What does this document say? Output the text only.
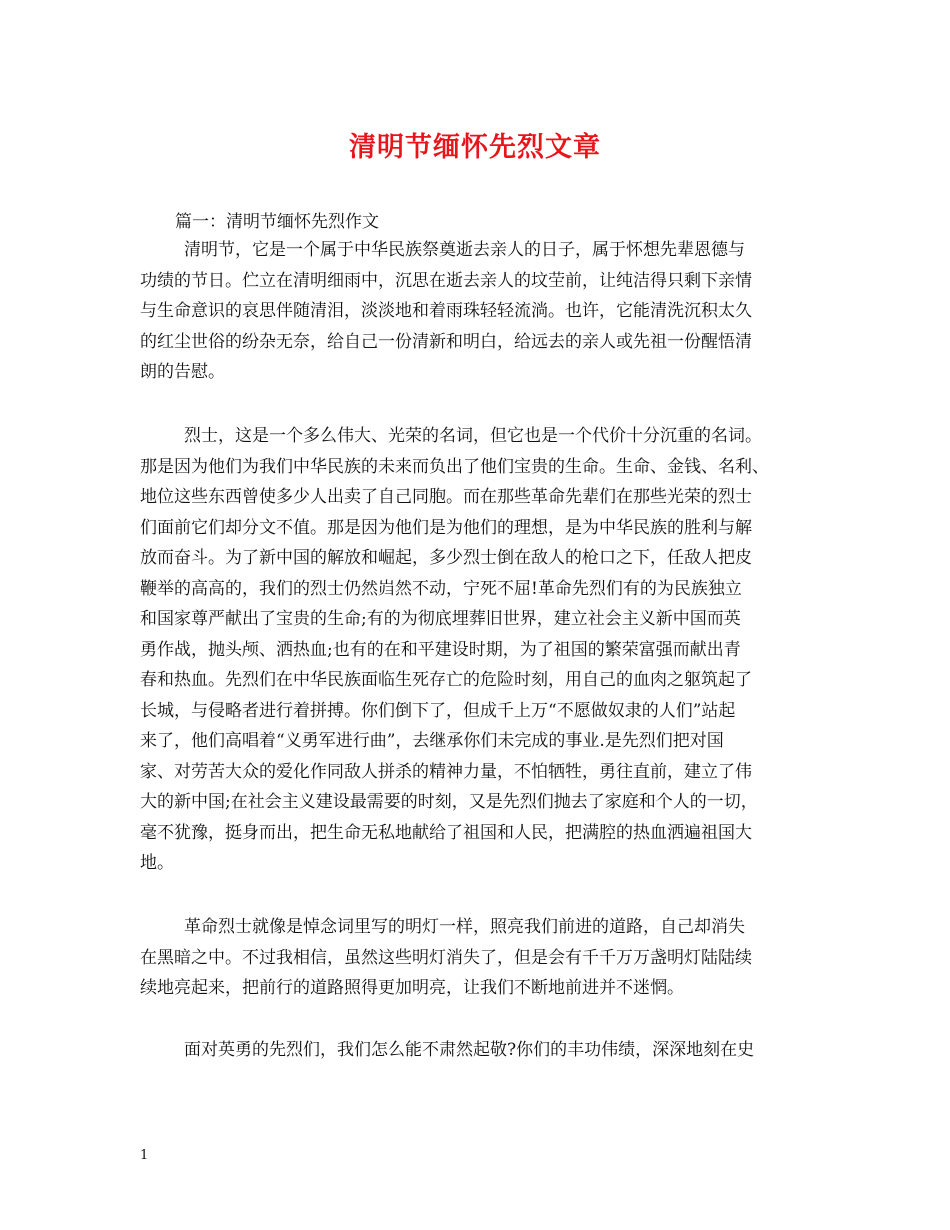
清明节缅怀先烈文章
篇一：清明节缅怀先烈作文
清明节，它是一个属于中华民族祭奠逝去亲人的日子，属于怀想先辈恩德与
功绩的节日。伫立在清明细雨中，沉思在逝去亲人的坟茔前，让纯洁得只剩下亲情
与生命意识的哀思伴随清泪，淡淡地和着雨珠轻轻流淌。也许，它能清洗沉积太久
的红尘世俗的纷杂无奈，给自己一份清新和明白，给远去的亲人或先祖一份醒悟清
朗的告慰。
烈士，这是一个多么伟大、光荣的名词，但它也是一个代价十分沉重的名词。
那是因为他们为我们中华民族的未来而负出了他们宝贵的生命。生命、金钱、名利、
地位这些东西曾使多少人出卖了自己同胞。而在那些革命先辈们在那些光荣的烈士
们面前它们却分文不值。那是因为他们是为他们的理想，是为中华民族的胜利与解
放而奋斗。为了新中国的解放和崛起，多少烈士倒在敌人的枪口之下，任敌人把皮
鞭举的高高的，我们的烈士仍然岿然不动，宁死不屈!革命先烈们有的为民族独立
和国家尊严献出了宝贵的生命;有的为彻底埋葬旧世界，建立社会主义新中国而英
勇作战，抛头颅、洒热血;也有的在和平建设时期，为了祖国的繁荣富强而献出青
春和热血。先烈们在中华民族面临生死存亡的危险时刻，用自己的血肉之躯筑起了
长城，与侵略者进行着拼搏。你们倒下了，但成千上万“不愿做奴隶的人们”站起
来了，他们高唱着“义勇军进行曲”，去继承你们未完成的事业.是先烈们把对国
家、对劳苦大众的爱化作同敌人拼杀的精神力量，不怕牺牲，勇往直前，建立了伟
大的新中国;在社会主义建设最需要的时刻，又是先烈们抛去了家庭和个人的一切，
毫不犹豫，挺身而出，把生命无私地献给了祖国和人民，把满腔的热血洒遍祖国大
地。
革命烈士就像是悼念词里写的明灯一样，照亮我们前进的道路，自己却消失
在黑暗之中。不过我相信，虽然这些明灯消失了，但是会有千千万万盏明灯陆陆续
续地亮起来，把前行的道路照得更加明亮，让我们不断地前进并不迷惘。
面对英勇的先烈们，我们怎么能不肃然起敬?你们的丰功伟绩，深深地刻在史
1
